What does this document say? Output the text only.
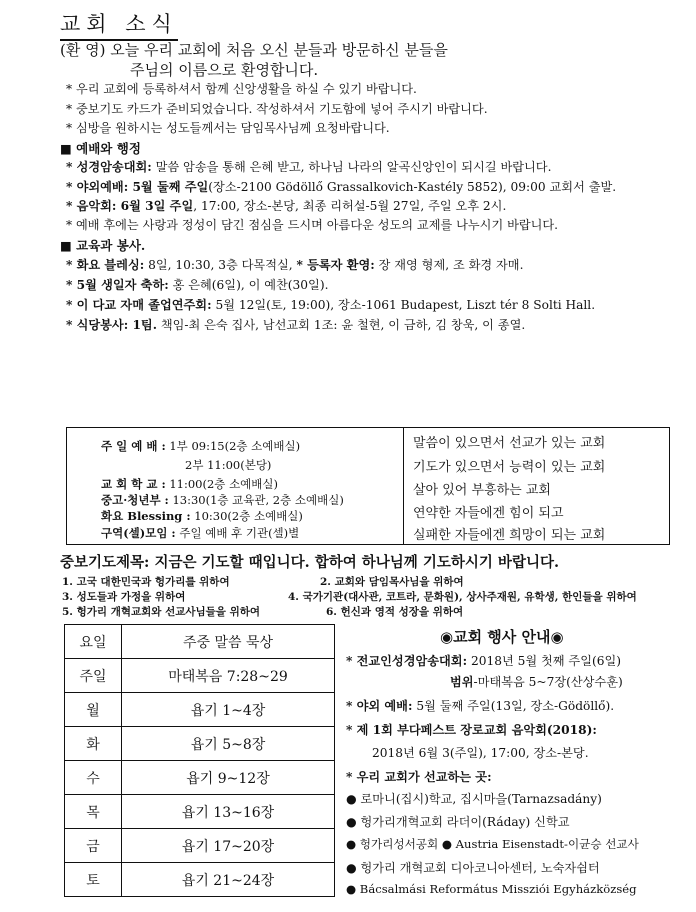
교회 소식
(환 영) 오늘 우리 교회에 처음 오신 분들과 방문하신 분들을
주님의 이름으로 환영합니다.
* 우리 교회에 등록하셔서 함께 신앙생활을 하실 수 있기 바랍니다.
* 중보기도 카드가 준비되었습니다. 작성하셔서 기도함에 넣어 주시기 바랍니다.
* 심방을 원하시는 성도들께서는 담임목사님께 요청바랍니다.
■ 예배와 행정
* 성경암송대회: 말씀 암송을 통해 은혜 받고, 하나님 나라의 알곡신앙인이 되시길 바랍니다.
* 야외예배: 5월 둘째 주일(장소-2100 Gödöllő Grassalkovich-Kastély 5852), 09:00 교회서 출발.
* 음악회: 6월 3일 주일, 17:00, 장소-본당, 최종 리허설-5월 27일, 주일 오후 2시.
* 예배 후에는 사랑과 정성이 담긴 점심을 드시며 아름다운 성도의 교제를 나누시기 바랍니다.
■ 교육과 봉사.
* 화요 블레싱: 8일, 10:30, 3층 다목적실, * 등록자 환영: 장 재영 형제, 조 화경 자매.
* 5월 생일자 축하: 홍 은혜(6일), 이 예찬(30일).
* 이 다교 자매 졸업연주회: 5월 12일(토, 19:00), 장소-1061 Budapest, Liszt tér 8 Solti Hall.
* 식당봉사: 1팀. 책임-최 은숙 집사, 남선교회 1조: 윤 철현, 이 금하, 김 창욱, 이 종열.
주 일 예 배 : 1부 09:15(2층 소예배실)
2부 11:00(본당)
교 회 학 교 : 11:00(2층 소예배실)
중고·청년부 : 13:30(1층 교육관, 2층 소예배실)
화요 Blessing : 10:30(2층 소예배실)
구역(셀)모임 : 주일 예배 후 기관(셀)별
말씀이 있으면서 선교가 있는 교회
기도가 있으면서 능력이 있는 교회
살아 있어 부흥하는 교회
연약한 자들에겐 힘이 되고
실패한 자들에겐 희망이 되는 교회
중보기도제목: 지금은 기도할 때입니다. 합하여 하나님께 기도하시기 바랍니다.
1. 고국 대한민국과 헝가리를 위하여	2. 교회와 담임목사님을 위하여
3. 성도들과 가정을 위하여	4. 국가기관(대사관, 코트라, 문화원), 상사주재원, 유학생, 한인들을 위하여
5. 헝가리 개혁교회와 선교사님들을 위하여	6. 헌신과 영적 성장을 위하여
요일	주중 말씀 묵상
주일	마태복음 7:28~29
월	욥기 1~4장
화	욥기 5~8장
수	욥기 9~12장
목	욥기 13~16장
금	욥기 17~20장
토	욥기 21~24장
◉교회 행사 안내◉
* 전교인성경암송대회: 2018년 5월 첫째 주일(6일)
범위-마태복음 5~7장(산상수훈)
* 야외 예배: 5월 둘째 주일(13일, 장소-Gödöllő).
* 제 1회 부다페스트 장로교회 음악회(2018):
2018년 6월 3(주일), 17:00, 장소-본당.
* 우리 교회가 선교하는 곳:
● 로마니(집시)학교, 집시마을(Tarnazsadány)
● 헝가리개혁교회 라더이(Ráday) 신학교
● 헝가리성서공회 ● Austria Eisenstadt-이균승 선교사
● 헝가리 개혁교회 디아코니아센터, 노숙자쉼터
● Bácsalmási Református Missziói Egyházközség
